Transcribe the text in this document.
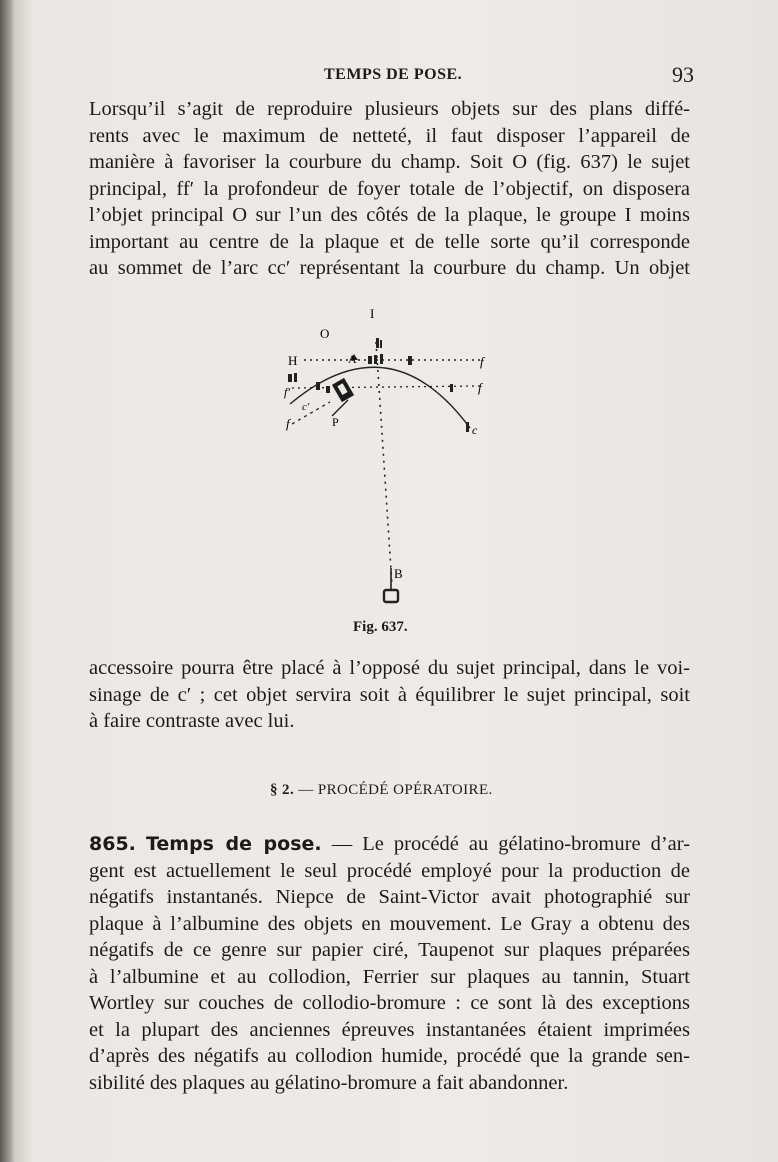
TEMPS DE POSE.	93
Lorsqu’il s’agit de reproduire plusieurs objets sur des plans diffé-
rents avec le maximum de netteté, il faut disposer l’appareil de
manière à favoriser la courbure du champ. Soit O (fig. 637) le sujet
principal, ff′ la profondeur de foyer totale de l’objectif, on disposera
l’objet principal O sur l’un des côtés de la plaque, le groupe I moins
important au centre de la plaque et de telle sorte qu’il corresponde
au sommet de l’arc cc′ représentant la courbure du champ. Un objet
I
O
H	A	f
f
f′
f	P
c
c′
B
Fig. 637.
accessoire pourra être placé à l’opposé du sujet principal, dans le voi-
sinage de c′ ; cet objet servira soit à équilibrer le sujet principal, soit
à faire contraste avec lui.
§ 2. — PROCÉDÉ OPÉRATOIRE.
865. Temps de pose. — Le procédé au gélatino-bromure d’ar-
gent est actuellement le seul procédé employé pour la production de
négatifs instantanés. Niepce de Saint-Victor avait photographié sur
plaque à l’albumine des objets en mouvement. Le Gray a obtenu des
négatifs de ce genre sur papier ciré, Taupenot sur plaques préparées
à l’albumine et au collodion, Ferrier sur plaques au tannin, Stuart
Wortley sur couches de collodio-bromure : ce sont là des exceptions
et la plupart des anciennes épreuves instantanées étaient imprimées
d’après des négatifs au collodion humide, procédé que la grande sen-
sibilité des plaques au gélatino-bromure a fait abandonner.
